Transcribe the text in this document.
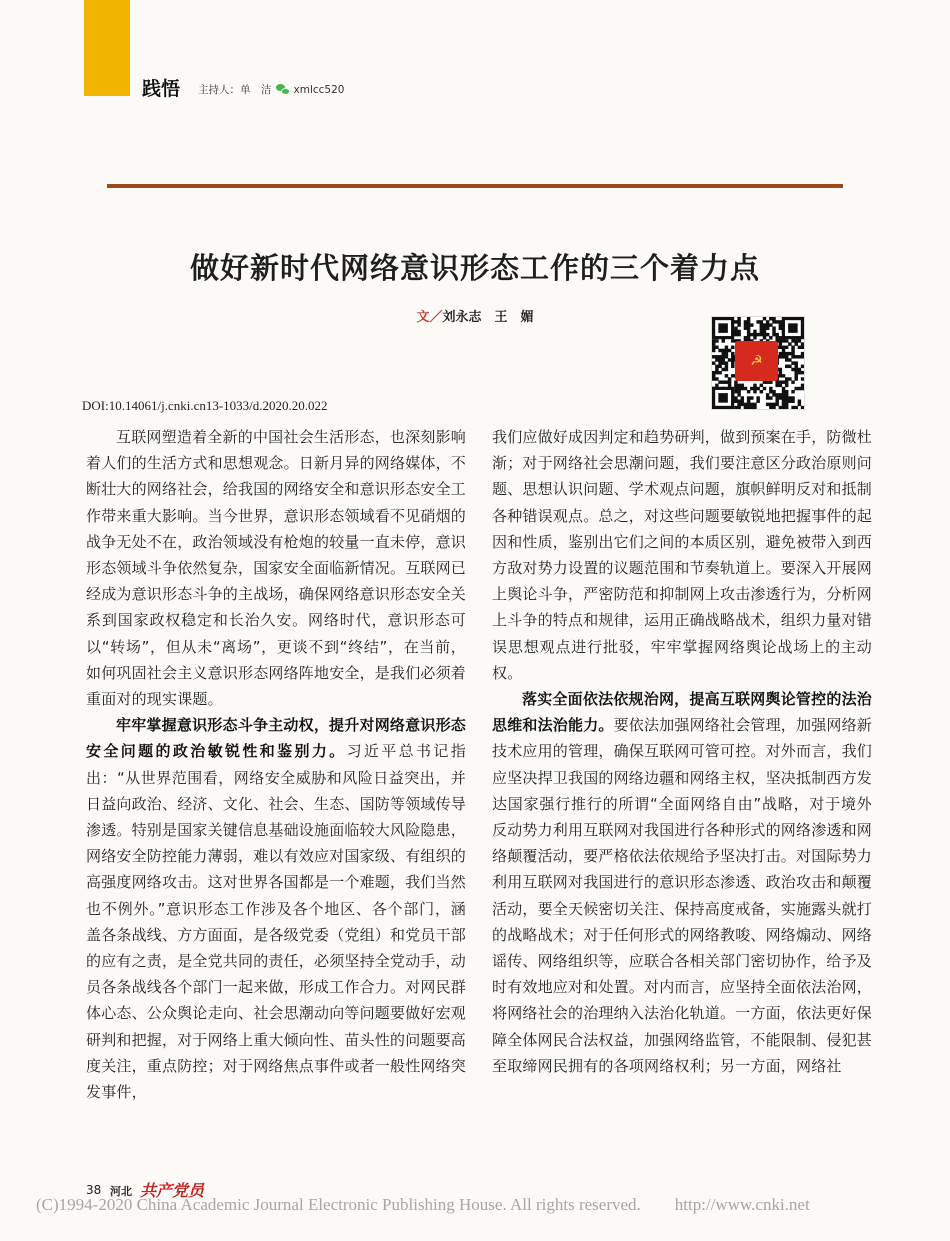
践悟 主持人：单　洁 xmlcc520
做好新时代网络意识形态工作的三个着力点
文／刘永志　王　媚
☭
DOI:10.14061/j.cnki.cn13-1033/d.2020.20.022

互联网塑造着全新的中国社会生活形态，也深刻影响着人们的生活方式和思想观念。日新月异的网络媒体，不断壮大的网络社会，给我国的网络安全和意识形态安全工作带来重大影响。当今世界，意识形态领域看不见硝烟的战争无处不在，政治领域没有枪炮的较量一直未停，意识形态领域斗争依然复杂，国家安全面临新情况。互联网已经成为意识形态斗争的主战场，确保网络意识形态安全关系到国家政权稳定和长治久安。网络时代，意识形态可以“转场”，但从未“离场”，更谈不到“终结”，在当前，如何巩固社会主义意识形态网络阵地安全，是我们必须着重面对的现实课题。

牢牢掌握意识形态斗争主动权，提升对网络意识形态安全问题的政治敏锐性和鉴别力。习近平总书记指出：“从世界范围看，网络安全威胁和风险日益突出，并日益向政治、经济、文化、社会、生态、国防等领域传导渗透。特别是国家关键信息基础设施面临较大风险隐患，网络安全防控能力薄弱，难以有效应对国家级、有组织的高强度网络攻击。这对世界各国都是一个难题，我们当然也不例外。”意识形态工作涉及各个地区、各个部门，涵盖各条战线、方方面面，是各级党委（党组）和党员干部的应有之责，是全党共同的责任，必须坚持全党动手，动员各条战线各个部门一起来做，形成工作合力。对网民群体心态、公众舆论走向、社会思潮动向等问题要做好宏观研判和把握，对于网络上重大倾向性、苗头性的问题要高度关注，重点防控；对于网络焦点事件或者一般性网络突发事件，

我们应做好成因判定和趋势研判，做到预案在手，防微杜渐；对于网络社会思潮问题，我们要注意区分政治原则问题、思想认识问题、学术观点问题，旗帜鲜明反对和抵制各种错误观点。总之，对这些问题要敏锐地把握事件的起因和性质，鉴别出它们之间的本质区别，避免被带入到西方敌对势力设置的议题范围和节奏轨道上。要深入开展网上舆论斗争，严密防范和抑制网上攻击渗透行为，分析网上斗争的特点和规律，运用正确战略战术，组织力量对错误思想观点进行批驳，牢牢掌握网络舆论战场上的主动权。

落实全面依法依规治网，提高互联网舆论管控的法治思维和法治能力。要依法加强网络社会管理，加强网络新技术应用的管理，确保互联网可管可控。对外而言，我们应坚决捍卫我国的网络边疆和网络主权，坚决抵制西方发达国家强行推行的所谓“全面网络自由”战略，对于境外反动势力利用互联网对我国进行各种形式的网络渗透和网络颠覆活动，要严格依法依规给予坚决打击。对国际势力利用互联网对我国进行的意识形态渗透、政治攻击和颠覆活动，要全天候密切关注、保持高度戒备，实施露头就打的战略战术；对于任何形式的网络教唆、网络煽动、网络谣传、网络组织等，应联合各相关部门密切协作，给予及时有效地应对和处置。对内而言，应坚持全面依法治网，将网络社会的治理纳入法治化轨道。一方面，依法更好保障全体网民合法权益，加强网络监管，不能限制、侵犯甚至取缔网民拥有的各项网络权利；另一方面，网络社

38 河北 共产党员
(C)1994-2020 China Academic Journal Electronic Publishing House. All rights reserved.　　http://www.cnki.net
